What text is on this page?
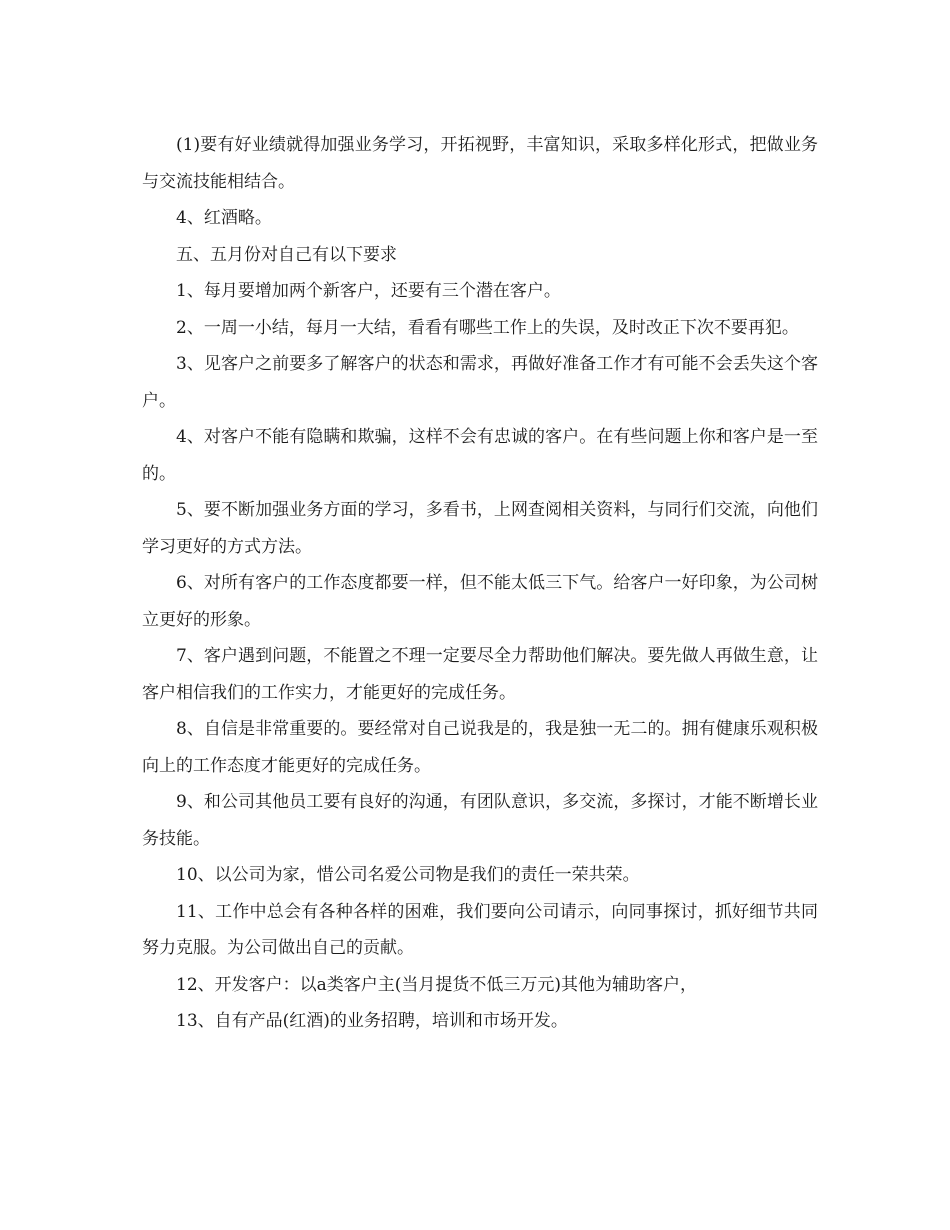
(1)要有好业绩就得加强业务学习，开拓视野，丰富知识，采取多样化形式，把做业务与交流技能相结合。

4、红酒略。

五、五月份对自己有以下要求

1、每月要增加两个新客户，还要有三个潜在客户。

2、一周一小结，每月一大结，看看有哪些工作上的失误，及时改正下次不要再犯。

3、见客户之前要多了解客户的状态和需求，再做好准备工作才有可能不会丢失这个客户。

4、对客户不能有隐瞒和欺骗，这样不会有忠诚的客户。在有些问题上你和客户是一至的。

5、要不断加强业务方面的学习，多看书，上网查阅相关资料，与同行们交流，向他们学习更好的方式方法。

6、对所有客户的工作态度都要一样，但不能太低三下气。给客户一好印象，为公司树立更好的形象。

7、客户遇到问题，不能置之不理一定要尽全力帮助他们解决。要先做人再做生意，让客户相信我们的工作实力，才能更好的完成任务。

8、自信是非常重要的。要经常对自己说我是的，我是独一无二的。拥有健康乐观积极向上的工作态度才能更好的完成任务。

9、和公司其他员工要有良好的沟通，有团队意识，多交流，多探讨，才能不断增长业务技能。

10、以公司为家，惜公司名爱公司物是我们的责任一荣共荣。

11、工作中总会有各种各样的困难，我们要向公司请示，向同事探讨，抓好细节共同努力克服。为公司做出自己的贡献。

12、开发客户：以a类客户主(当月提货不低三万元)其他为辅助客户，

13、自有产品(红酒)的业务招聘，培训和市场开发。
